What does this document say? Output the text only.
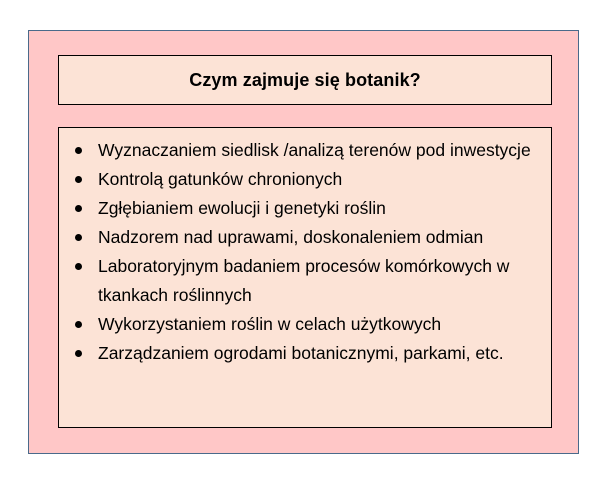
Czym zajmuje się botanik?
Wyznaczaniem siedlisk /analizą terenów pod inwestycje
Kontrolą gatunków chronionych
Zgłębianiem ewolucji i genetyki roślin
Nadzorem nad uprawami, doskonaleniem odmian
Laboratoryjnym badaniem procesów komórkowych w tkankach roślinnych
Wykorzystaniem roślin w celach użytkowych
Zarządzaniem ogrodami botanicznymi, parkami, etc.
